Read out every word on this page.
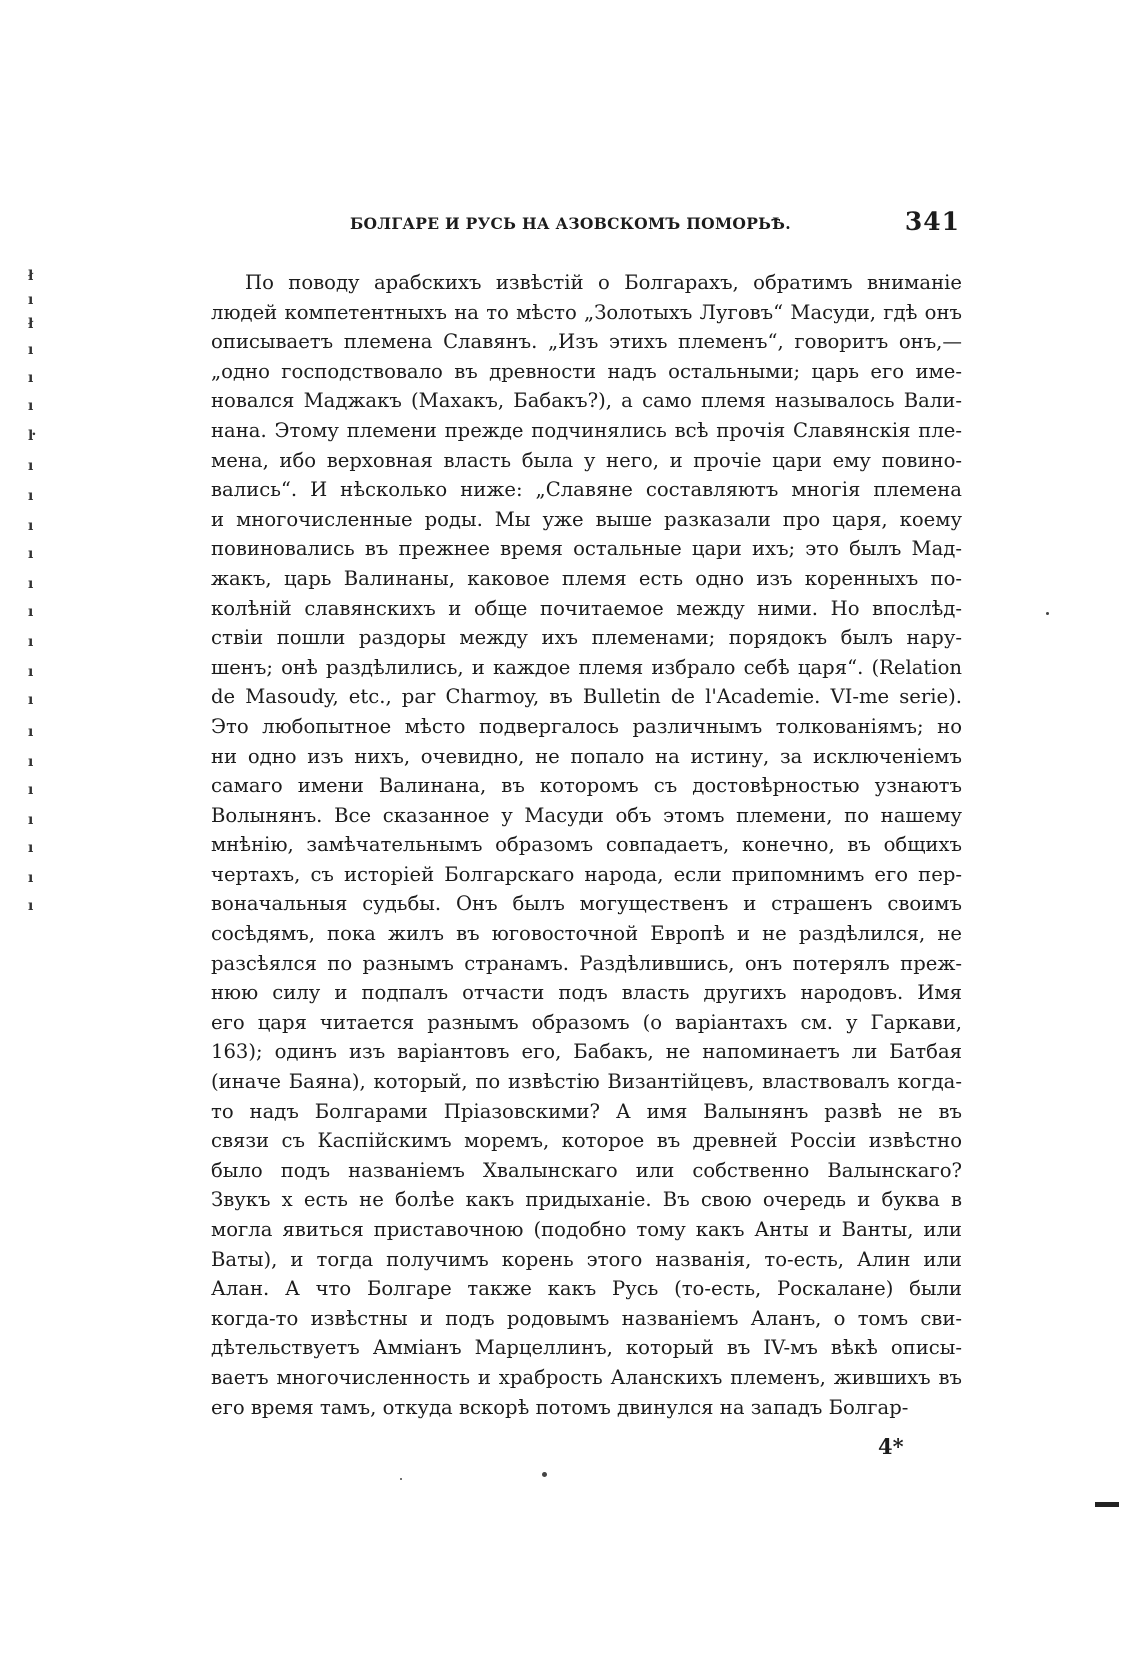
БОЛГАРЕ И РУСЬ НА АЗОВСКОМЪ ПОМОРЬѢ.	341
По поводу арабскихъ извѣстій о Болгарахъ, обратимъ вниманіе
людей компетентныхъ на то мѣсто „Золотыхъ Луговъ“ Масуди, гдѣ онъ
описываетъ племена Славянъ. „Изъ этихъ племенъ“, говоритъ онъ,—
„одно господствовало въ древности надъ остальными; царь его име-
новался Маджакъ (Махакъ, Бабакъ?), а само племя называлось Вали-
нана. Этому племени прежде подчинялись всѣ прочія Славянскія пле-
мена, ибо верховная власть была у него, и прочіе цари ему повино-
вались“. И нѣсколько ниже: „Славяне составляютъ многія племена
и многочисленные роды. Мы уже выше разказали про царя, коему
повиновались въ прежнее время остальные цари ихъ; это былъ Мад-
жакъ, царь Валинаны, каковое племя есть одно изъ коренныхъ по-
колѣній славянскихъ и обще почитаемое между ними. Но впослѣд-
ствіи пошли раздоры между ихъ племенами; порядокъ былъ нару-
шенъ; онѣ раздѣлились, и каждое племя избрало себѣ царя“. (Relation
de Masoudy, etc., par Charmoy, въ Bulletin de l'Academie. VI-me serie).
Это любопытное мѣсто подвергалось различнымъ толкованіямъ; но
ни одно изъ нихъ, очевидно, не попало на истину, за исключеніемъ
самаго имени Валинана, въ которомъ съ достовѣрностью узнаютъ
Волынянъ. Все сказанное у Масуди объ этомъ племени, по нашему
мнѣнію, замѣчательнымъ образомъ совпадаетъ, конечно, въ общихъ
чертахъ, съ исторіей Болгарскаго народа, если припомнимъ его пер-
воначальныя судьбы. Онъ былъ могущественъ и страшенъ своимъ
сосѣдямъ, пока жилъ въ юговосточной Европѣ и не раздѣлился, не
разсѣялся по разнымъ странамъ. Раздѣлившись, онъ потерялъ преж-
нюю силу и подпалъ отчасти подъ власть другихъ народовъ. Имя
его царя читается разнымъ образомъ (о варіантахъ см. у Гаркави,
163); одинъ изъ варіантовъ его, Бабакъ, не напоминаетъ ли Батбая
(иначе Баяна), который, по извѣстію Византійцевъ, властвовалъ когда-
то надъ Болгарами Пріазовскими? А имя Валынянъ развѣ не въ
связи съ Каспійскимъ моремъ, которое въ древней Россіи извѣстно
было подъ названіемъ Хвалынскаго или собственно Валынскаго?
Звукъ х есть не болѣе какъ придыханіе. Въ свою очередь и буква в
могла явиться приставочною (подобно тому какъ Анты и Ванты, или
Ваты), и тогда получимъ корень этого названія, то-есть, Алин или
Алан. А что Болгаре также какъ Русь (то-есть, Роскалане) были
когда-то извѣстны и подъ родовымъ названіемъ Аланъ, о томъ сви-
дѣтельствуетъ Аммiанъ Марцеллинъ, который въ IV-мъ вѣкѣ описы-
ваетъ многочисленность и храбрость Аланскихъ племенъ, жившихъ въ
его время тамъ, откуда вскорѣ потомъ двинулся на западъ Болгар-
4*
ł
ı
ł
ı
ı
ı
ŀ
ı
ı
ı
ı
ı
ı
ı
ı
ı
ı
ı
ı
ı
ı
ı
ı
